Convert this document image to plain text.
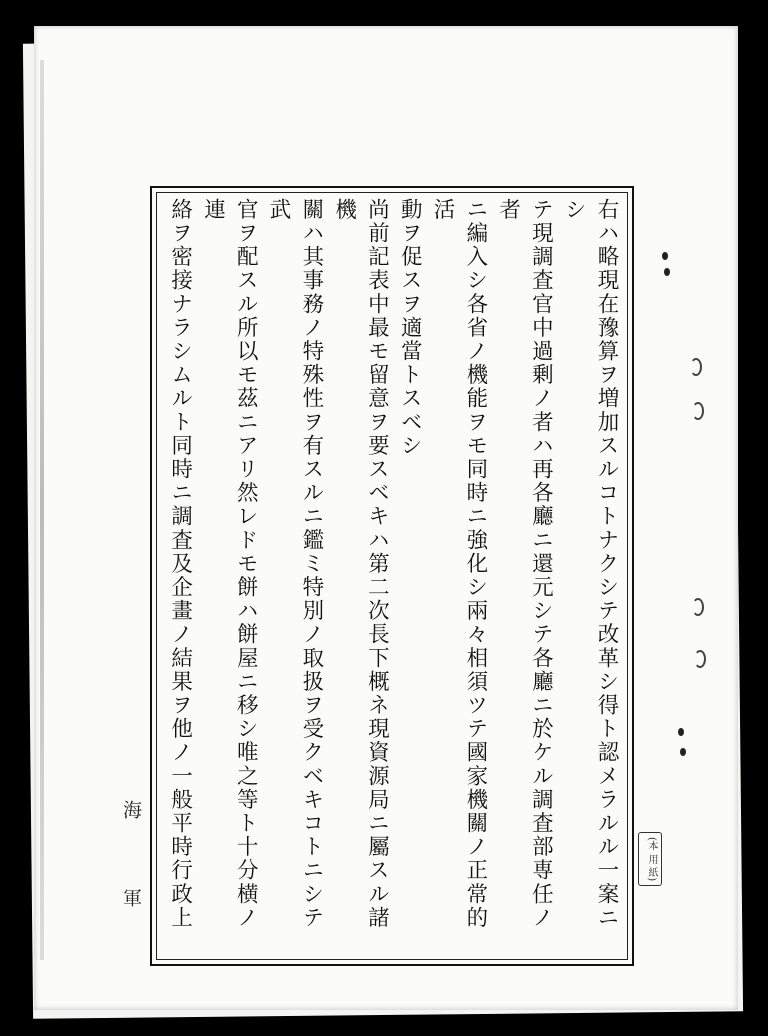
右ハ略現在豫算ヲ増加スルコトナクシテ改革シ得ト認メラルル一案ニシ

テ現調査官中過剰ノ者ハ再各廳ニ還元シテ各廳ニ於ケル調査部専任ノ者

ニ編入シ各省ノ機能ヲモ同時ニ強化シ兩々相須ツテ國家機關ノ正常的活

動ヲ促スヲ適當トスベシ

尚前記表中最モ留意ヲ要スベキハ第二次長下概ネ現資源局ニ屬スル諸機

關ハ其事務ノ特殊性ヲ有スルニ鑑ミ特別ノ取扱ヲ受クベキコトニシテ武

官ヲ配スル所以モ茲ニアリ然レドモ餅ハ餅屋ニ移シ唯之等ト十分横ノ連

絡ヲ密接ナラシムルト同時ニ調査及企畫ノ結果ヲ他ノ一般平時行政上

海
軍
(本 用 紙)
